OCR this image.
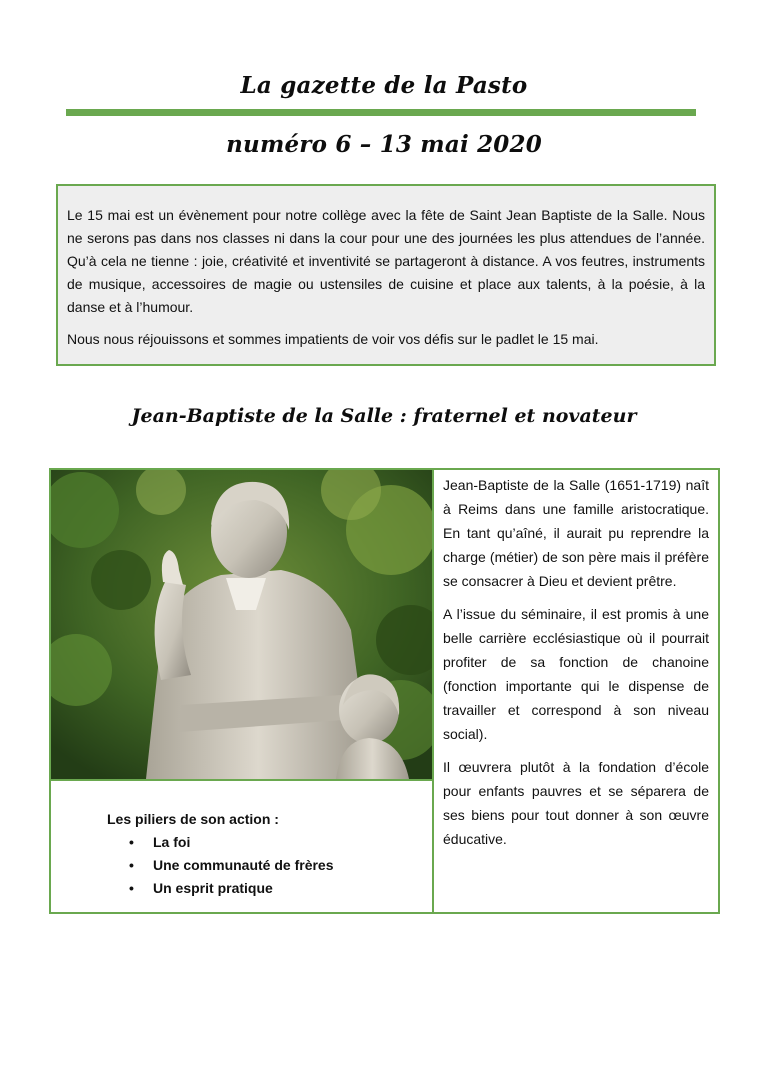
La gazette de la Pasto
numéro 6 – 13 mai 2020

Le 15 mai est un évènement pour notre collège avec la fête de Saint Jean Baptiste de la Salle. Nous ne serons pas dans nos classes ni dans la cour pour une des journées les plus attendues de l’année. Qu’à cela ne tienne : joie, créativité et inventivité se partageront à distance. A vos feutres, instruments de musique, accessoires de magie ou ustensiles de cuisine et place aux talents, à la poésie, à la danse et à l’humour.

Nous nous réjouissons et sommes impatients de voir vos défis sur le padlet le 15 mai.

Jean-Baptiste de la Salle : fraternel et novateur

Jean-Baptiste de la Salle (1651-1719) naît à Reims dans une famille aristocratique. En tant qu’aîné, il aurait pu reprendre la charge (métier) de son père mais il préfère se consacrer à Dieu et devient prêtre.

A l’issue du séminaire, il est promis à une belle carrière ecclésiastique où il pourrait profiter de sa fonction de chanoine (fonction importante qui le dispense de travailler et correspond à son niveau social).

Il œuvrera plutôt à la fondation d’école pour enfants pauvres et se séparera de ses biens pour tout donner à son œuvre éducative.

Les piliers de son action :
• La foi
• Une communauté de frères
• Un esprit pratique
